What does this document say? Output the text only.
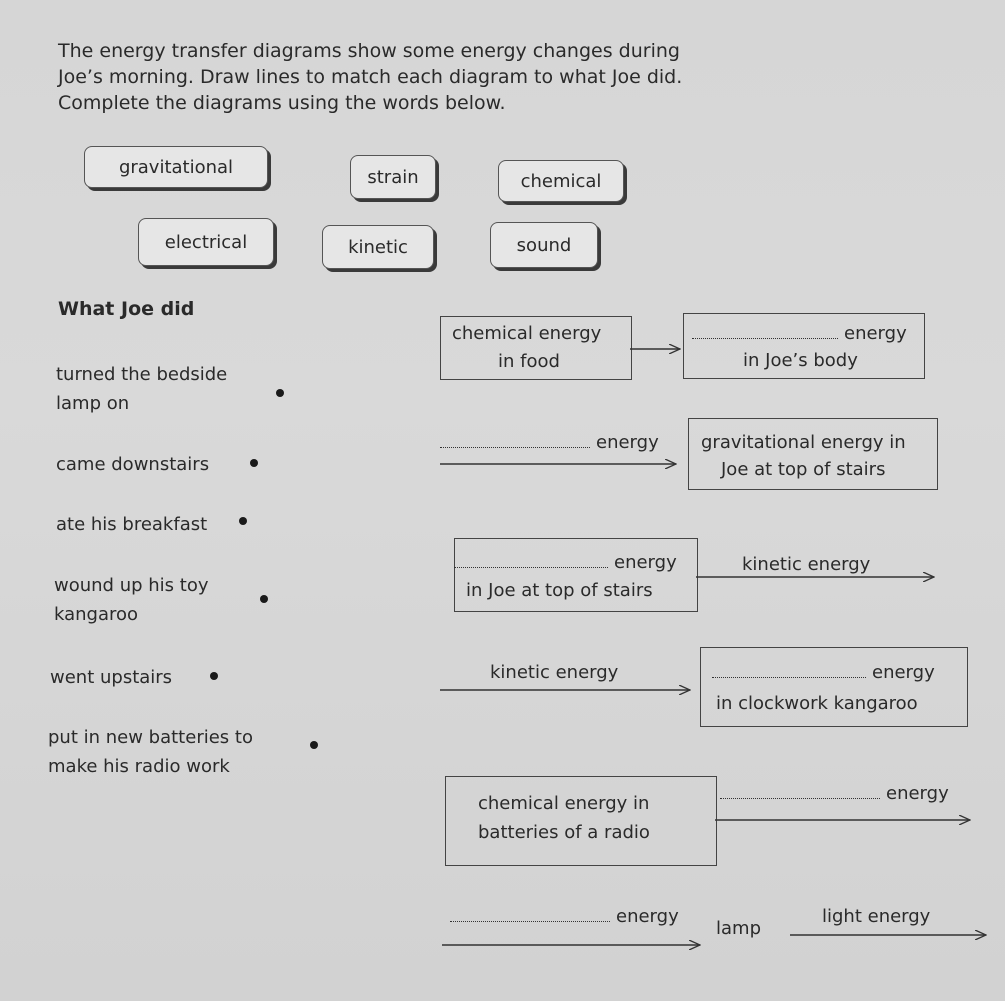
The energy transfer diagrams show some energy changes during
Joe’s morning. Draw lines to match each diagram to what Joe did.
Complete the diagrams using the words below.
gravitational	strain	chemical
electrical	kinetic	sound
What Joe did
turned the bedside
lamp on
came downstairs
ate his breakfast
wound up his toy
kangaroo
went upstairs
put in new batteries to
make his radio work
chemical energy
in food
energy
in Joe’s body
energy gravitational energy in
Joe at top of stairs
energy
in Joe at top of stairs
kinetic energy
kinetic energy	energy
in clockwork kangaroo
chemical energy in
batteries of a radio
energy
energy
lamp
light energy
